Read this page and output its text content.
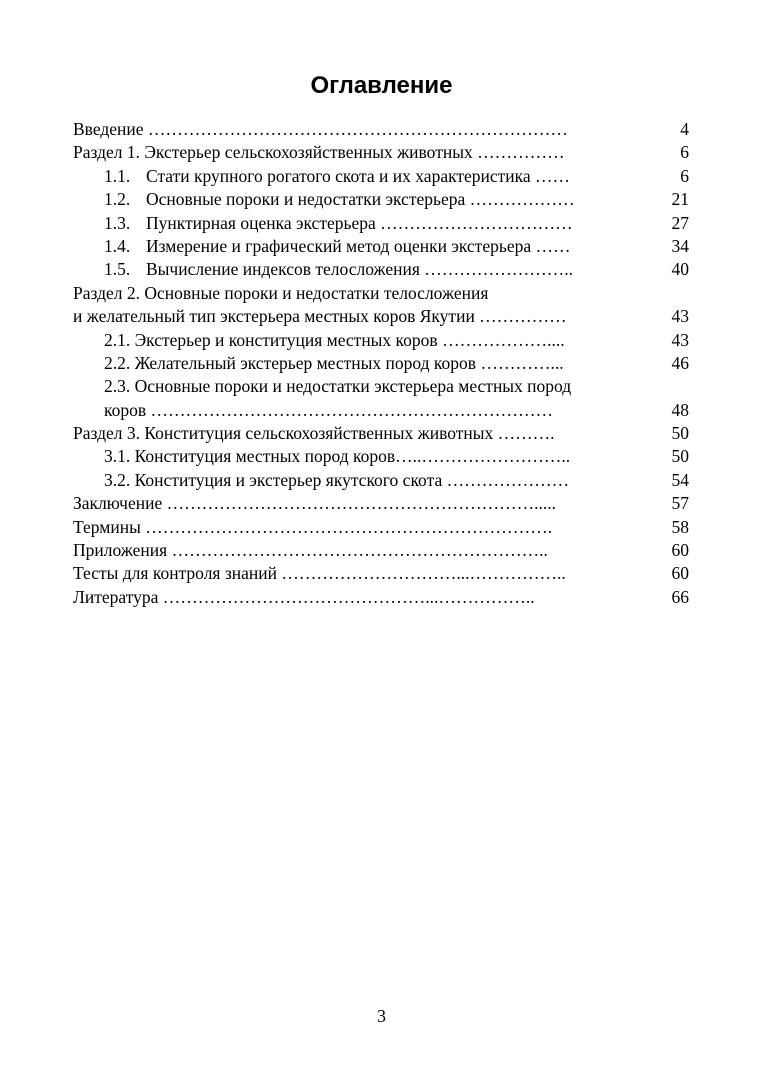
Оглавление
Введение ………………………………………………………………	4
Раздел 1. Экстерьер сельскохозяйственных животных ……………	6
1.1. Стати крупного рогатого скота и их характеристика ……	6
1.2. Основные пороки и недостатки экстерьера ………………	21
1.3. Пунктирная оценка экстерьера ……………………………	27
1.4. Измерение и графический метод оценки экстерьера ……	34
1.5. Вычисление индексов телосложения ……………………..	40
Раздел 2. Основные пороки и недостатки телосложения
и желательный тип экстерьера местных коров Якутии ……………	43
2.1. Экстерьер и конституция местных коров ………………....	43
2.2. Желательный экстерьер местных пород коров …………...	46
2.3. Основные пороки и недостатки экстерьера местных пород
коров ……………………………………………………………	48
Раздел 3. Конституция сельскохозяйственных животных ……….	50
3.1. Конституция местных пород коров…..……………………..	50
3.2. Конституция и экстерьер якутского скота …………………	54
Заключение ……………………………………………………….....	57
Термины …………………………………………………………….	58
Приложения ………………………………………………………..	60
Тесты для контроля знаний …………………………...……………..	60
Литература ………………………………………...……………..	66
3
